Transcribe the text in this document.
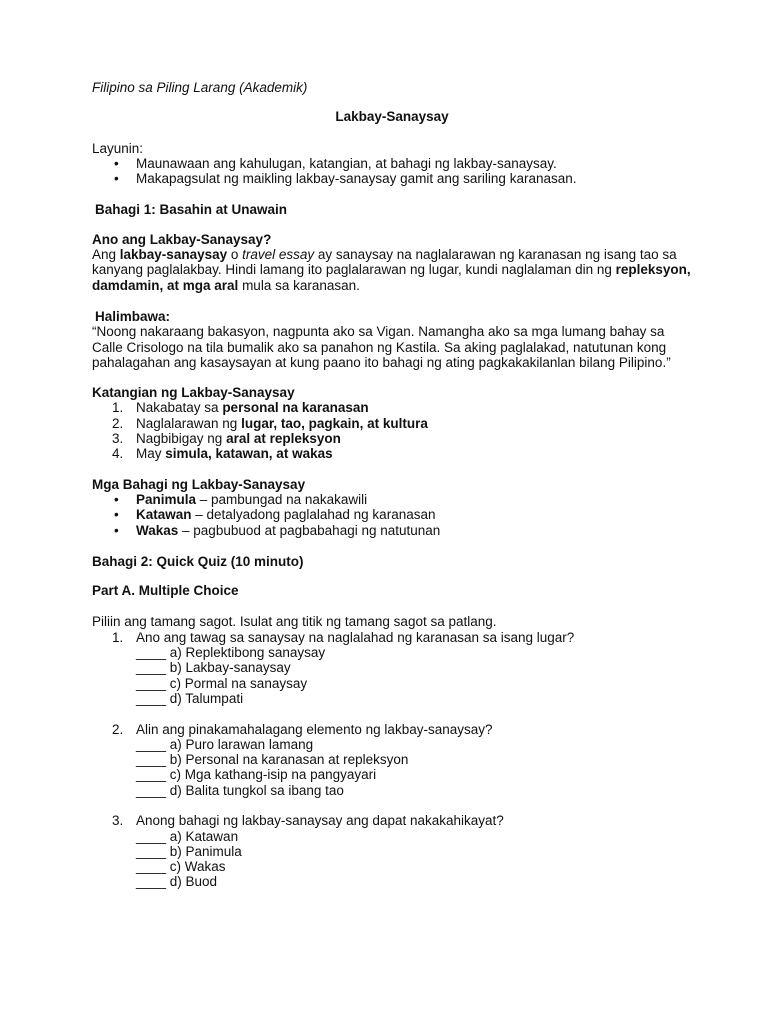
Filipino sa Piling Larang (Akademik)

Lakbay-Sanaysay

Layunin:

• Maunawaan ang kahulugan, katangian, at bahagi ng lakbay-sanaysay.
• Makapagsulat ng maikling lakbay-sanaysay gamit ang sariling karanasan.

Bahagi 1: Basahin at Unawain

Ano ang Lakbay-Sanaysay?

Ang lakbay-sanaysay o travel essay ay sanaysay na naglalarawan ng karanasan ng isang tao sa kanyang paglalakbay. Hindi lamang ito paglalarawan ng lugar, kundi naglalaman din ng repleksyon, damdamin, at mga aral mula sa karanasan.

Halimbawa:

“Noong nakaraang bakasyon, nagpunta ako sa Vigan. Namangha ako sa mga lumang bahay sa Calle Crisologo na tila bumalik ako sa panahon ng Kastila. Sa aking paglalakad, natutunan kong pahalagahan ang kasaysayan at kung paano ito bahagi ng ating pagkakakilanlan bilang Pilipino.”

Katangian ng Lakbay-Sanaysay

1. Nakabatay sa personal na karanasan
2. Naglalarawan ng lugar, tao, pagkain, at kultura
3. Nagbibigay ng aral at repleksyon
4. May simula, katawan, at wakas

Mga Bahagi ng Lakbay-Sanaysay

• Panimula – pambungad na nakakawili
• Katawan – detalyadong paglalahad ng karanasan
• Wakas – pagbubuod at pagbabahagi ng natutunan

Bahagi 2: Quick Quiz (10 minuto)

Part A. Multiple Choice

Piliin ang tamang sagot. Isulat ang titik ng tamang sagot sa patlang.

1. Ano ang tawag sa sanaysay na naglalahad ng karanasan sa isang lugar?

____ a) Replektibong sanaysay

____ b) Lakbay-sanaysay

____ c) Pormal na sanaysay

____ d) Talumpati

2. Alin ang pinakamahalagang elemento ng lakbay-sanaysay?

____ a) Puro larawan lamang

____ b) Personal na karanasan at repleksyon

____ c) Mga kathang-isip na pangyayari

____ d) Balita tungkol sa ibang tao

3. Anong bahagi ng lakbay-sanaysay ang dapat nakakahikayat?

____ a) Katawan

____ b) Panimula

____ c) Wakas

____ d) Buod
